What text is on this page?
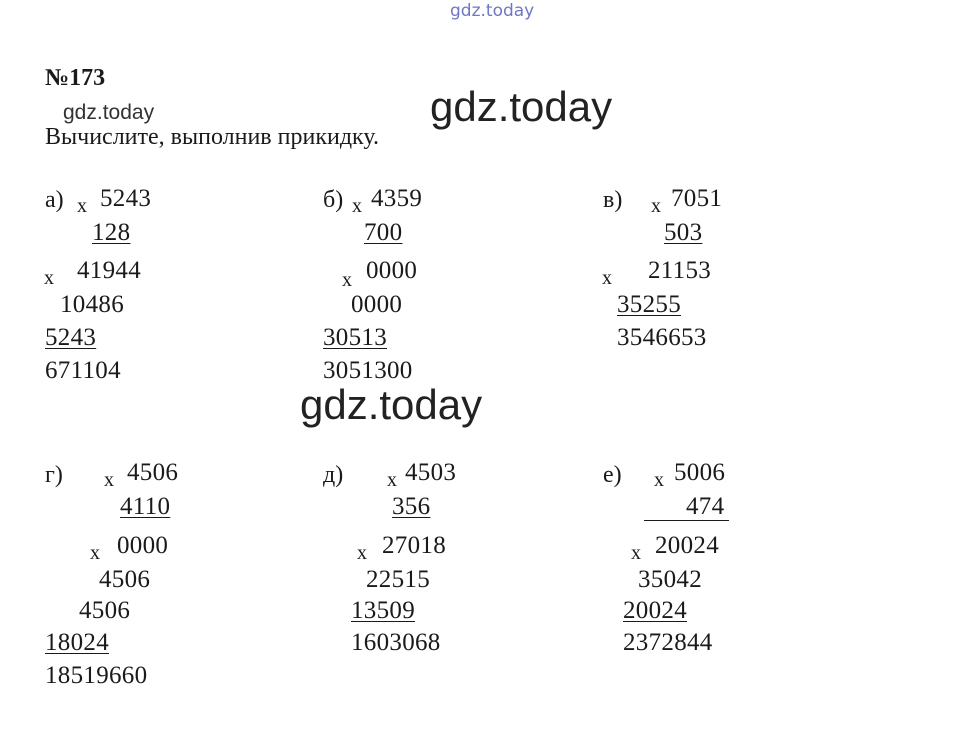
gdz.today
№173
gdz.today	gdz.today
Вычислите, выполнив прикидку.
а) x 5243
128
x 41944
10486
5243
671104
б) x 4359
700
x 0000
0000
30513
3051300
в) x 7051
503
x 21153
35255
3546653
gdz.today
г) x 4506
4110
x 0000
4506
4506
18024
18519660
д) x 4503
356
x 27018
22515
13509
1603068
е) x 5006
474
x 20024
35042
20024
2372844
